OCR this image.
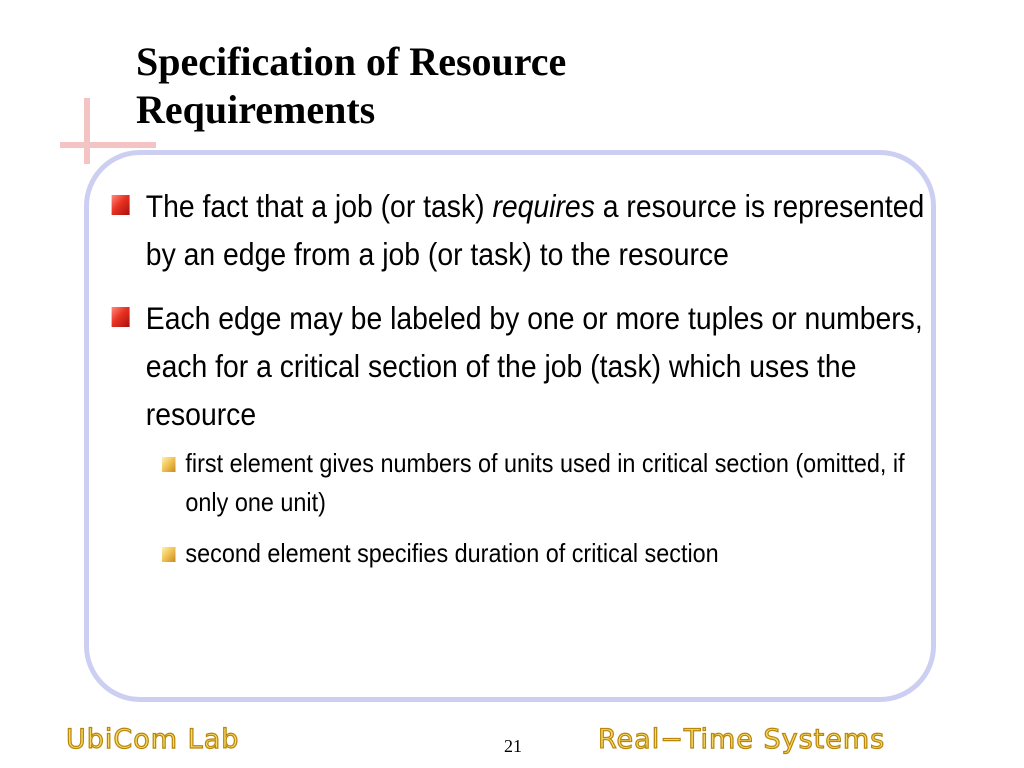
Specification of Resource
Requirements
The fact that a job (or task) requires a resource is represented by an edge from a job (or task) to the resource
Each edge may be labeled by one or more tuples or numbers, each for a critical section of the job (task) which uses the resource
first element gives numbers of units used in critical section (omitted, if only one unit)
second element specifies duration of critical section
UbiCom Lab	21	Real−Time Systems
